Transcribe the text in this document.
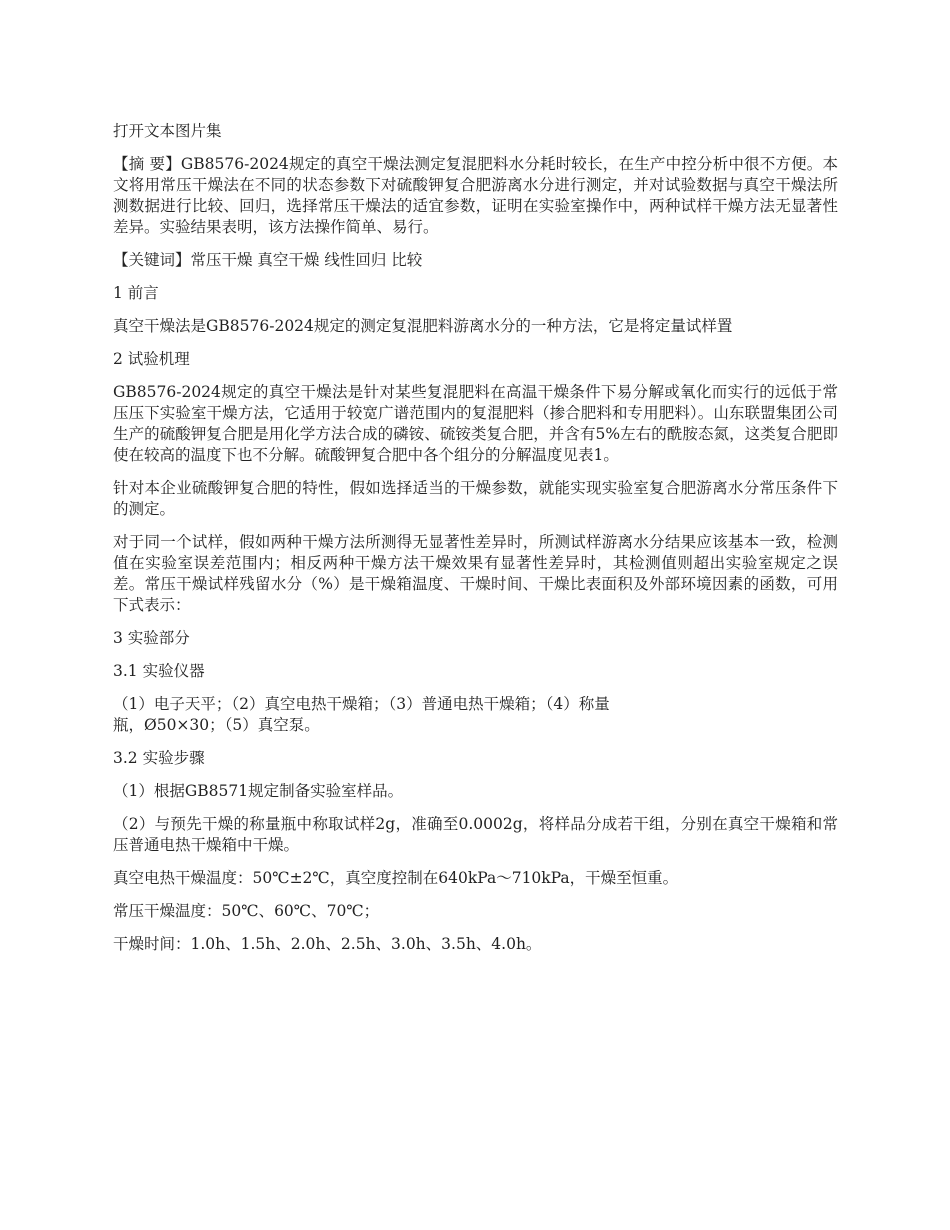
打开文本图片集

【摘 要】GB8576-2024规定的真空干燥法测定复混肥料水分耗时较长，在生产中控分析中很不方便。本文将用常压干燥法在不同的状态参数下对硫酸钾复合肥游离水分进行测定，并对试验数据与真空干燥法所测数据进行比较、回归，选择常压干燥法的适宜参数，证明在实验室操作中，两种试样干燥方法无显著性差异。实验结果表明，该方法操作简单、易行。

【关键词】常压干燥 真空干燥 线性回归 比较

1 前言

真空干燥法是GB8576-2024规定的测定复混肥料游离水分的一种方法，它是将定量试样置

2 试验机理

GB8576-2024规定的真空干燥法是针对某些复混肥料在高温干燥条件下易分解或氧化而实行的远低于常压压下实验室干燥方法，它适用于较宽广谱范围内的复混肥料（掺合肥料和专用肥料）。山东联盟集团公司生产的硫酸钾复合肥是用化学方法合成的磷铵、硫铵类复合肥，并含有5%左右的酰胺态氮，这类复合肥即使在较高的温度下也不分解。硫酸钾复合肥中各个组分的分解温度见表1。

针对本企业硫酸钾复合肥的特性，假如选择适当的干燥参数，就能实现实验室复合肥游离水分常压条件下的测定。

对于同一个试样，假如两种干燥方法所测得无显著性差异时，所测试样游离水分结果应该基本一致，检测值在实验室误差范围内；相反两种干燥方法干燥效果有显著性差异时，其检测值则超出实验室规定之误差。常压干燥试样残留水分（%）是干燥箱温度、干燥时间、干燥比表面积及外部环境因素的函数，可用下式表示：

3 实验部分

3.1 实验仪器

（1）电子天平；（2）真空电热干燥箱；（3）普通电热干燥箱；（4）称量
瓶，Ø50×30；（5）真空泵。

3.2 实验步骤

（1）根据GB8571规定制备实验室样品。

（2）与预先干燥的称量瓶中称取试样2g，准确至0.0002g，将样品分成若干组，分别在真空干燥箱和常压普通电热干燥箱中干燥。

真空电热干燥温度：50℃±2℃，真空度控制在640kPa～710kPa，干燥至恒重。

常压干燥温度：50℃、60℃、70℃；

干燥时间：1.0h、1.5h、2.0h、2.5h、3.0h、3.5h、4.0h。
